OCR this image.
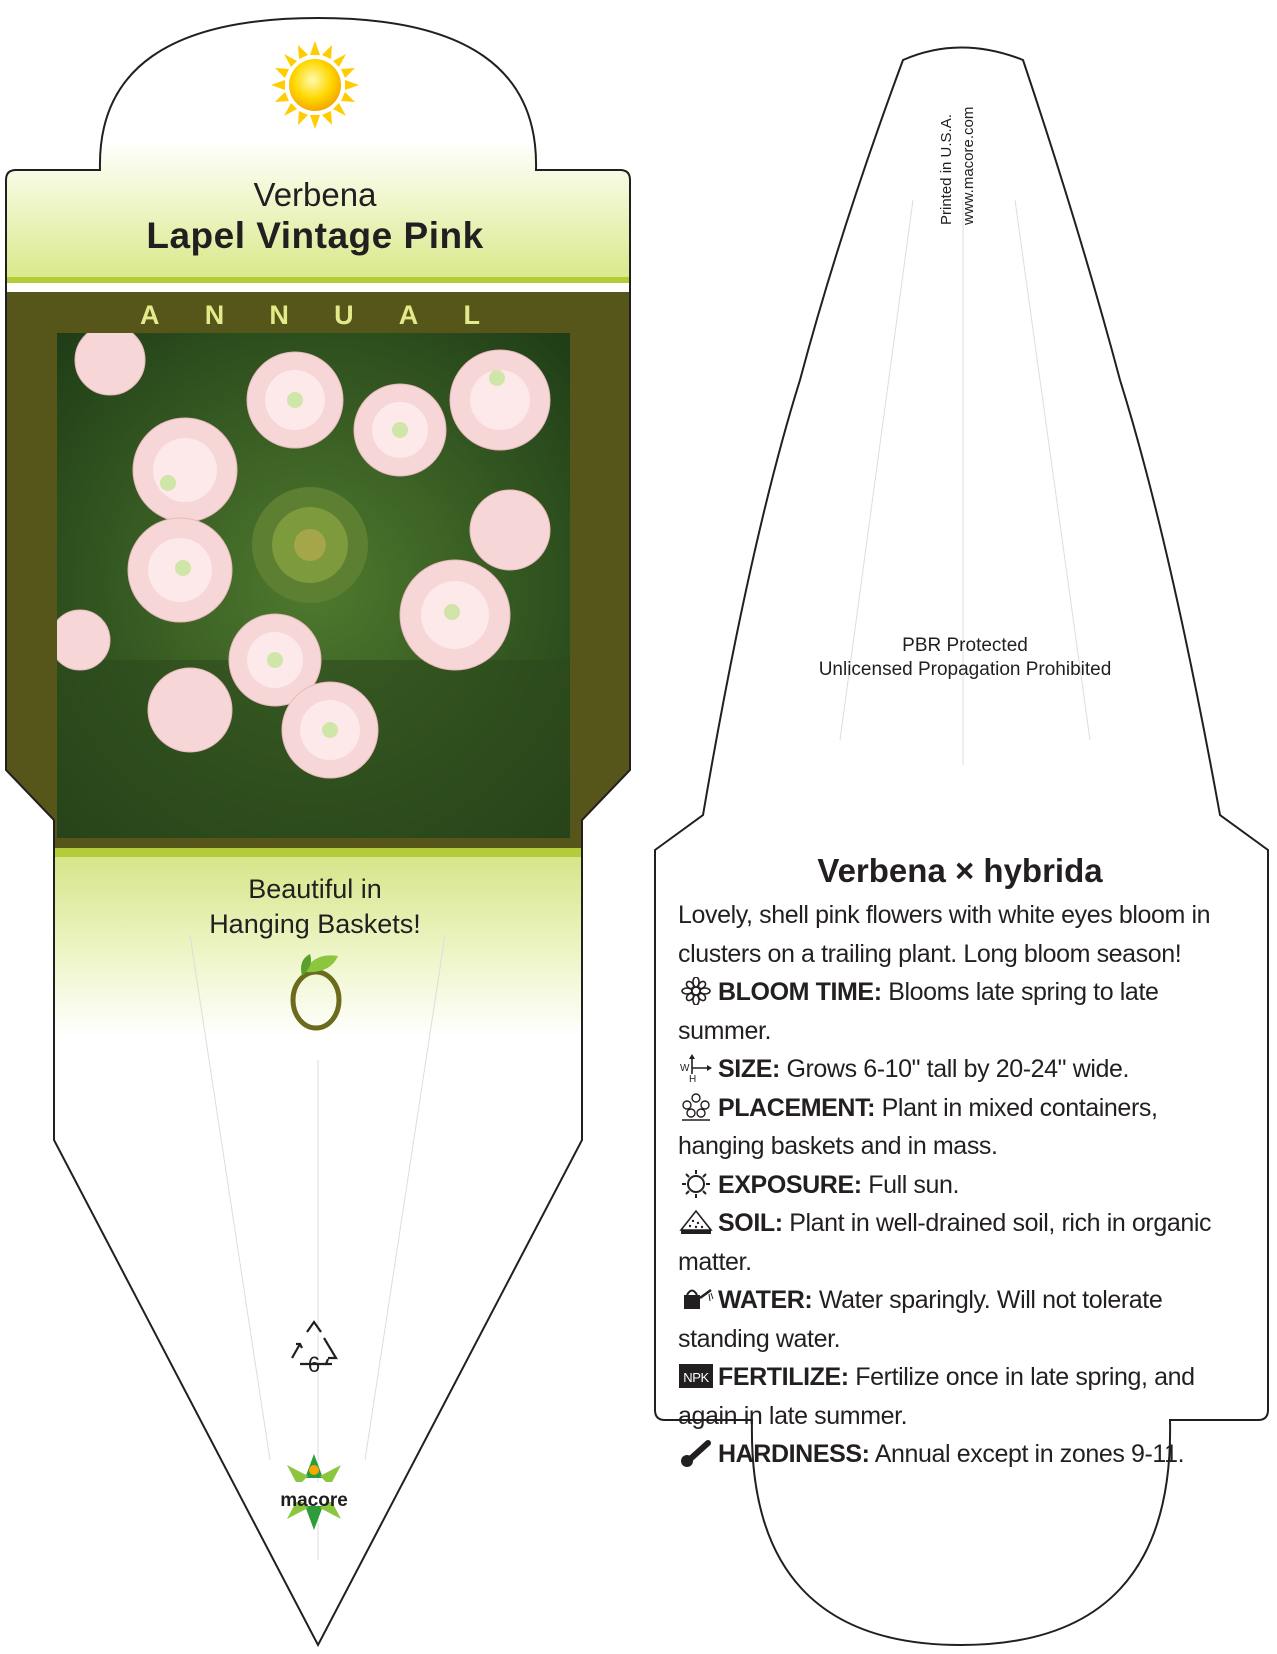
Verbena
Lapel Vintage Pink
A N N U A L
Beautiful in
Hanging Baskets!
6
macore
Printed in U.S.A. www.macore.com
PBR Protected
Unlicensed Propagation Prohibited
Verbena × hybrida

Lovely, shell pink flowers with white eyes bloom in clusters on a trailing plant. Long bloom season!

BLOOM TIME: Blooms late spring to late summer.

W
H SIZE: Grows 6-10" tall by 20-24" wide.

PLACEMENT: Plant in mixed containers, hanging baskets and in mass.

EXPOSURE: Full sun.

SOIL: Plant in well-drained soil, rich in organic matter.

WATER: Water sparingly. Will not tolerate standing water.

NPK FERTILIZE: Fertilize once in late spring, and again in late summer.

HARDINESS: Annual except in zones 9-11.
